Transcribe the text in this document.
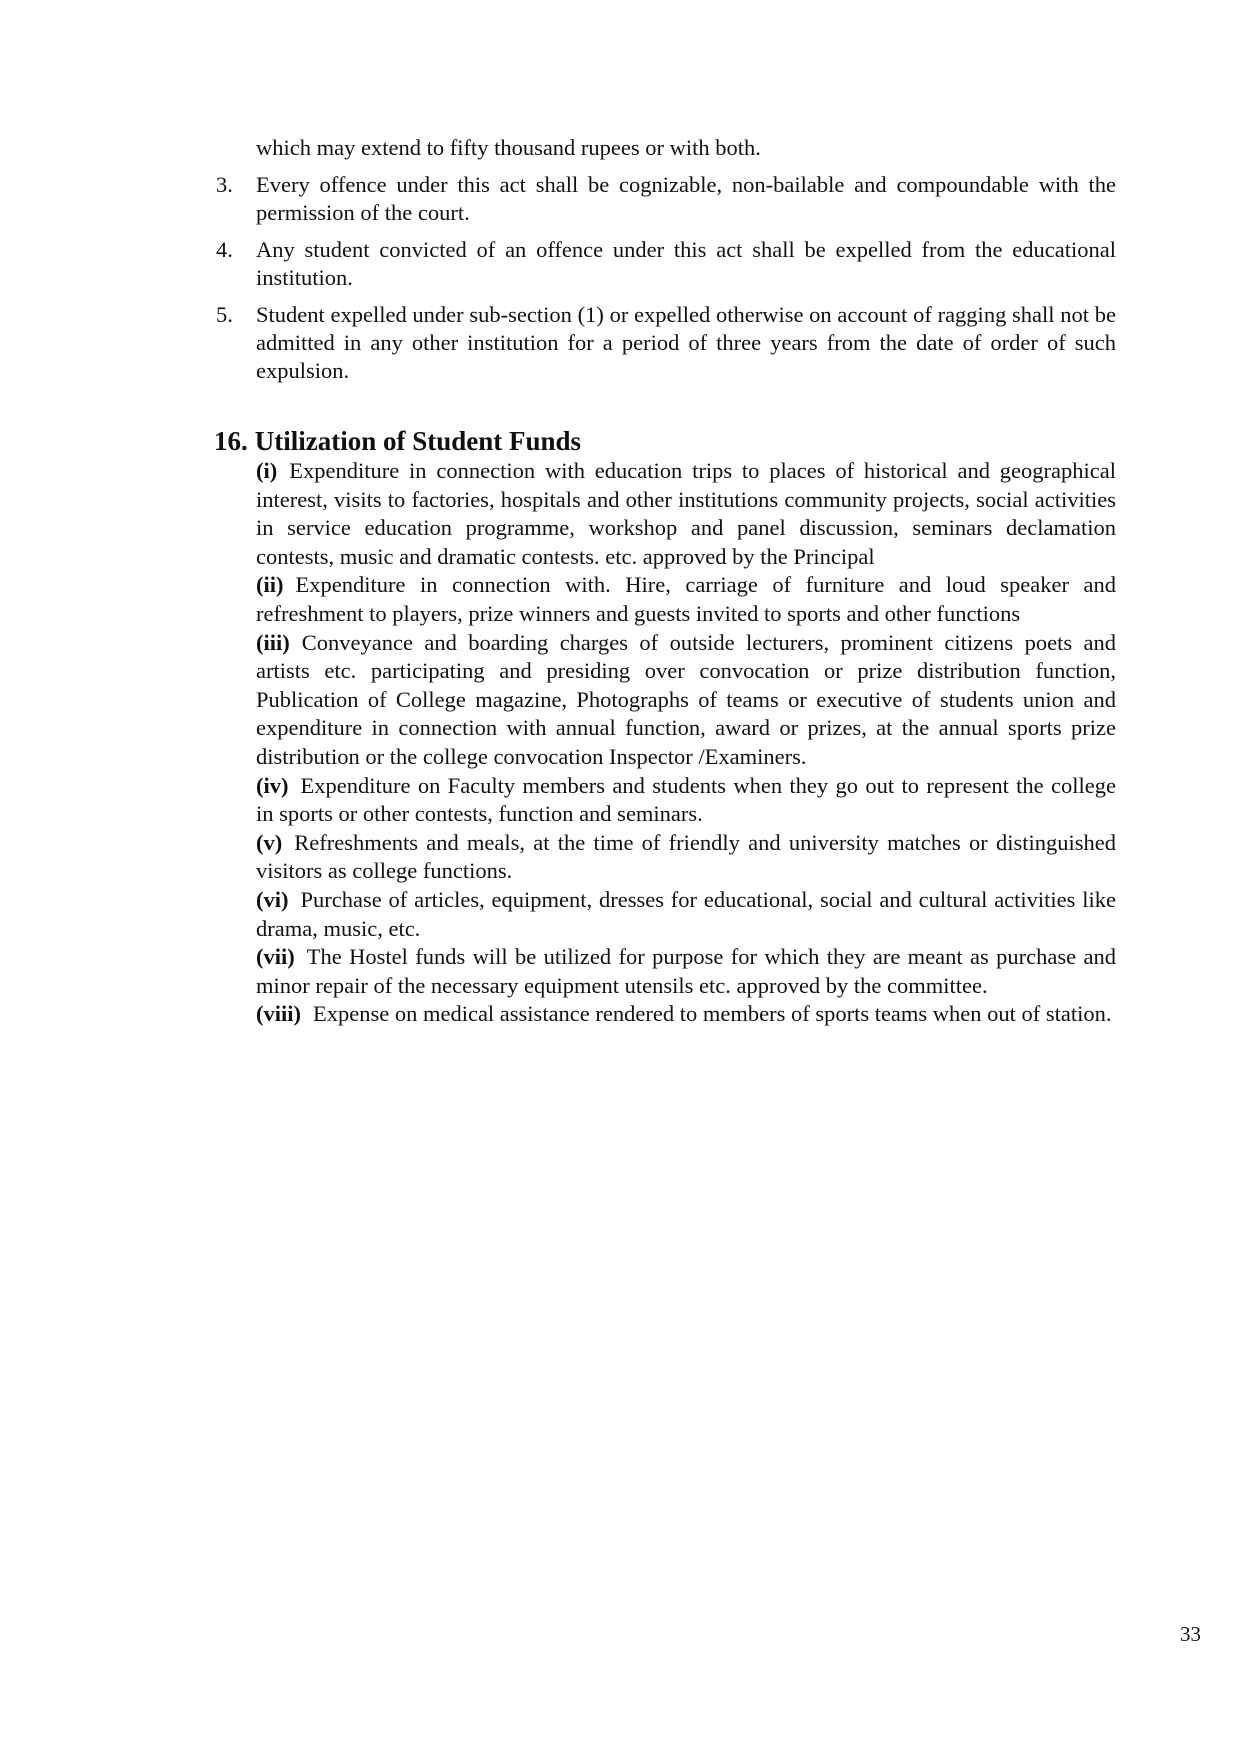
which may extend to fifty thousand rupees or with both.
3.	Every offence under this act shall be cognizable, non-bailable and compoundable with the permission of the court.
4.	Any student convicted of an offence under this act shall be expelled from the educational institution.
5.	Student expelled under sub-section (1) or expelled otherwise on account of ragging shall not be admitted in any other institution for a period of three years from the date of order of such expulsion.
16. Utilization of Student Funds

(i) Expenditure in connection with education trips to places of historical and geographical interest, visits to factories, hospitals and other institutions community projects, social activities in service education programme, workshop and panel discussion, seminars declamation contests, music and dramatic contests. etc. approved by the Principal

(ii) Expenditure in connection with. Hire, carriage of furniture and loud speaker and refreshment to players, prize winners and guests invited to sports and other functions

(iii) Conveyance and boarding charges of outside lecturers, prominent citizens poets and artists etc. participating and presiding over convocation or prize distribution function, Publication of College magazine, Photographs of teams or executive of students union and expenditure in connection with annual function, award or prizes, at the annual sports prize distribution or the college convocation Inspector /Examiners.

(iv) Expenditure on Faculty members and students when they go out to represent the college in sports or other contests, function and seminars.

(v) Refreshments and meals, at the time of friendly and university matches or distinguished visitors as college functions.

(vi) Purchase of articles, equipment, dresses for educational, social and cultural activities like drama, music, etc.

(vii) The Hostel funds will be utilized for purpose for which they are meant as purchase and minor repair of the necessary equipment utensils etc. approved by the committee.

(viii) Expense on medical assistance rendered to members of sports teams when out of station.

33
